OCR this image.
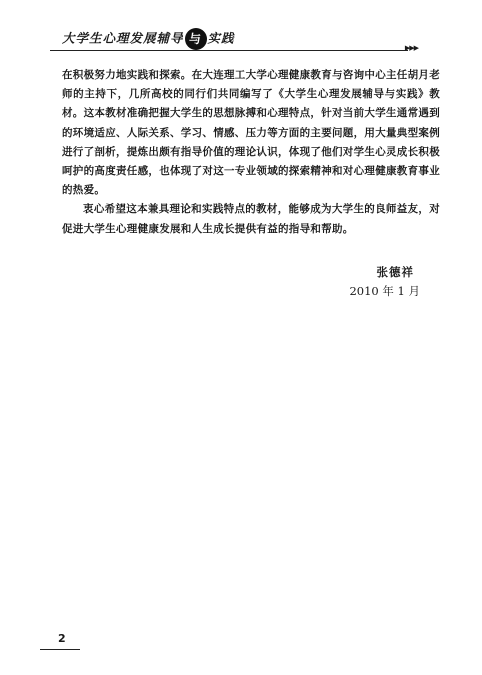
大学生心理发展辅导 与 实践
▶▶▶

在积极努力地实践和探索。在大连理工大学心理健康教育与咨询中心主任胡月老师的主持下，几所高校的同行们共同编写了《大学生心理发展辅导与实践》教材。这本教材准确把握大学生的思想脉搏和心理特点，针对当前大学生通常遇到的环境适应、人际关系、学习、情感、压力等方面的主要问题，用大量典型案例进行了剖析，提炼出颇有指导价值的理论认识，体现了他们对学生心灵成长积极呵护的高度责任感，也体现了对这一专业领域的探索精神和对心理健康教育事业的热爱。

衷心希望这本兼具理论和实践特点的教材，能够成为大学生的良师益友，对促进大学生心理健康发展和人生成长提供有益的指导和帮助。

张德祥
2010 年 1 月
2
